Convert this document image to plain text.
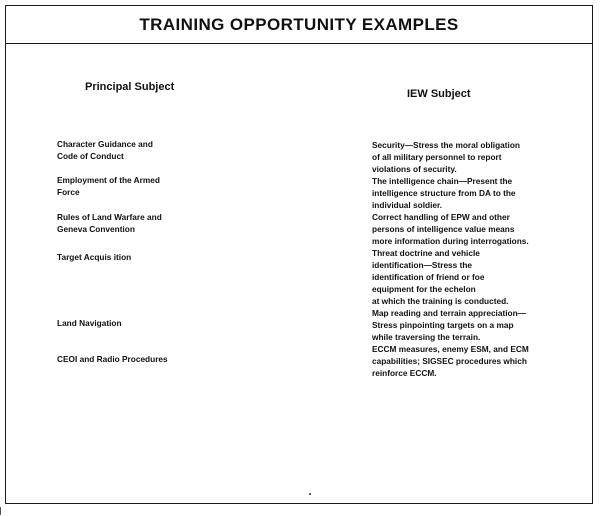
TRAINING OPPORTUNITY EXAMPLES
Principal Subject
IEW Subject
Character Guidance and
Code of Conduct
Security—Stress the moral obligation
of all military personnel to report
violations of security.
Employment of the Armed
Force
The intelligence chain—Present the
intelligence structure from DA to the
individual soldier.
Rules of Land Warfare and
Geneva Convention
Correct handling of EPW and other
persons of intelligence value means
more information during interrogations.
Target Acquis ition	Threat doctrine and vehicle
identification—Stress the
identification of friend or foe
equipment for the echelon
at which the training is conducted.
Land Navigation
Map reading and terrain appreciation—
Stress pinpointing targets on a map
while traversing the terrain.
CEOI and Radio Procedures
ECCM measures, enemy ESM, and ECM
capabilities; SIGSEC procedures which
reinforce ECCM.
